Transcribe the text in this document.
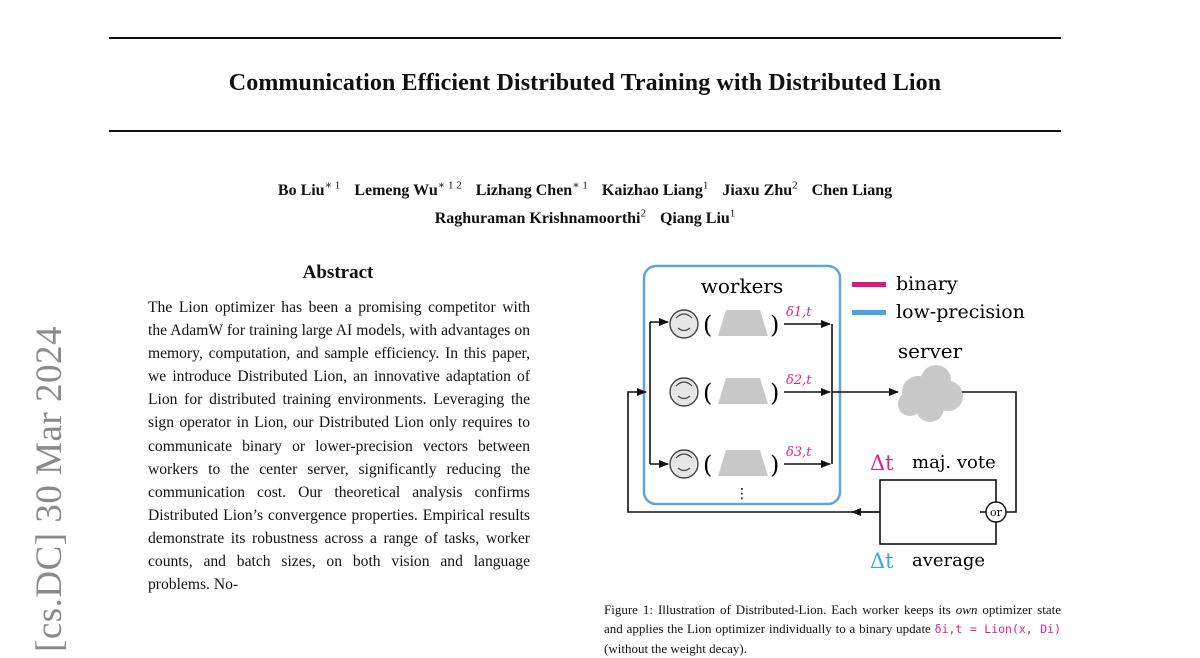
Communication Efficient Distributed Training with Distributed Lion
Bo Liu$^{∗ 1}$ Lemeng $Wu^{∗ 1 2}$ Lizhang Chen$^{∗ 1}$ Kaizhao Liang$^1$ Jiaxu Zhu$^2$ Chen Liang
Raghuraman Krishnamoorthi$^2$ Qiang Liu$^1$
[cs.DC] 30 Mar 2024
Abstract
The Lion optimizer has been a promising competitor with the AdamW for training large AI models, with advantages on memory, computation, and sample efficiency. In this paper, we introduce Distributed Lion, an innovative adaptation of Lion for distributed training environments. Leveraging the sign operator in Lion, our Distributed Lion only requires to communicate binary or lower-precision vectors between workers to the center server, significantly reducing the communication cost. Our theoretical analysis confirms Distributed Lion’s convergence properties. Empirical results demonstrate its robustness across a range of tasks, worker counts, and batch sizes, on both vision and language problems. No-
workers	binary
low-precision
( ) δ1,t
( ) δ2,t
( ) δ3,t
⋮
server
or
Δt maj. vote
Δt average
Figure 1: Illustration of Distributed-Lion. Each worker keeps its own optimizer state and applies the Lion optimizer individually to a binary update δi,t = Lion(x, Di) (without the weight decay).
